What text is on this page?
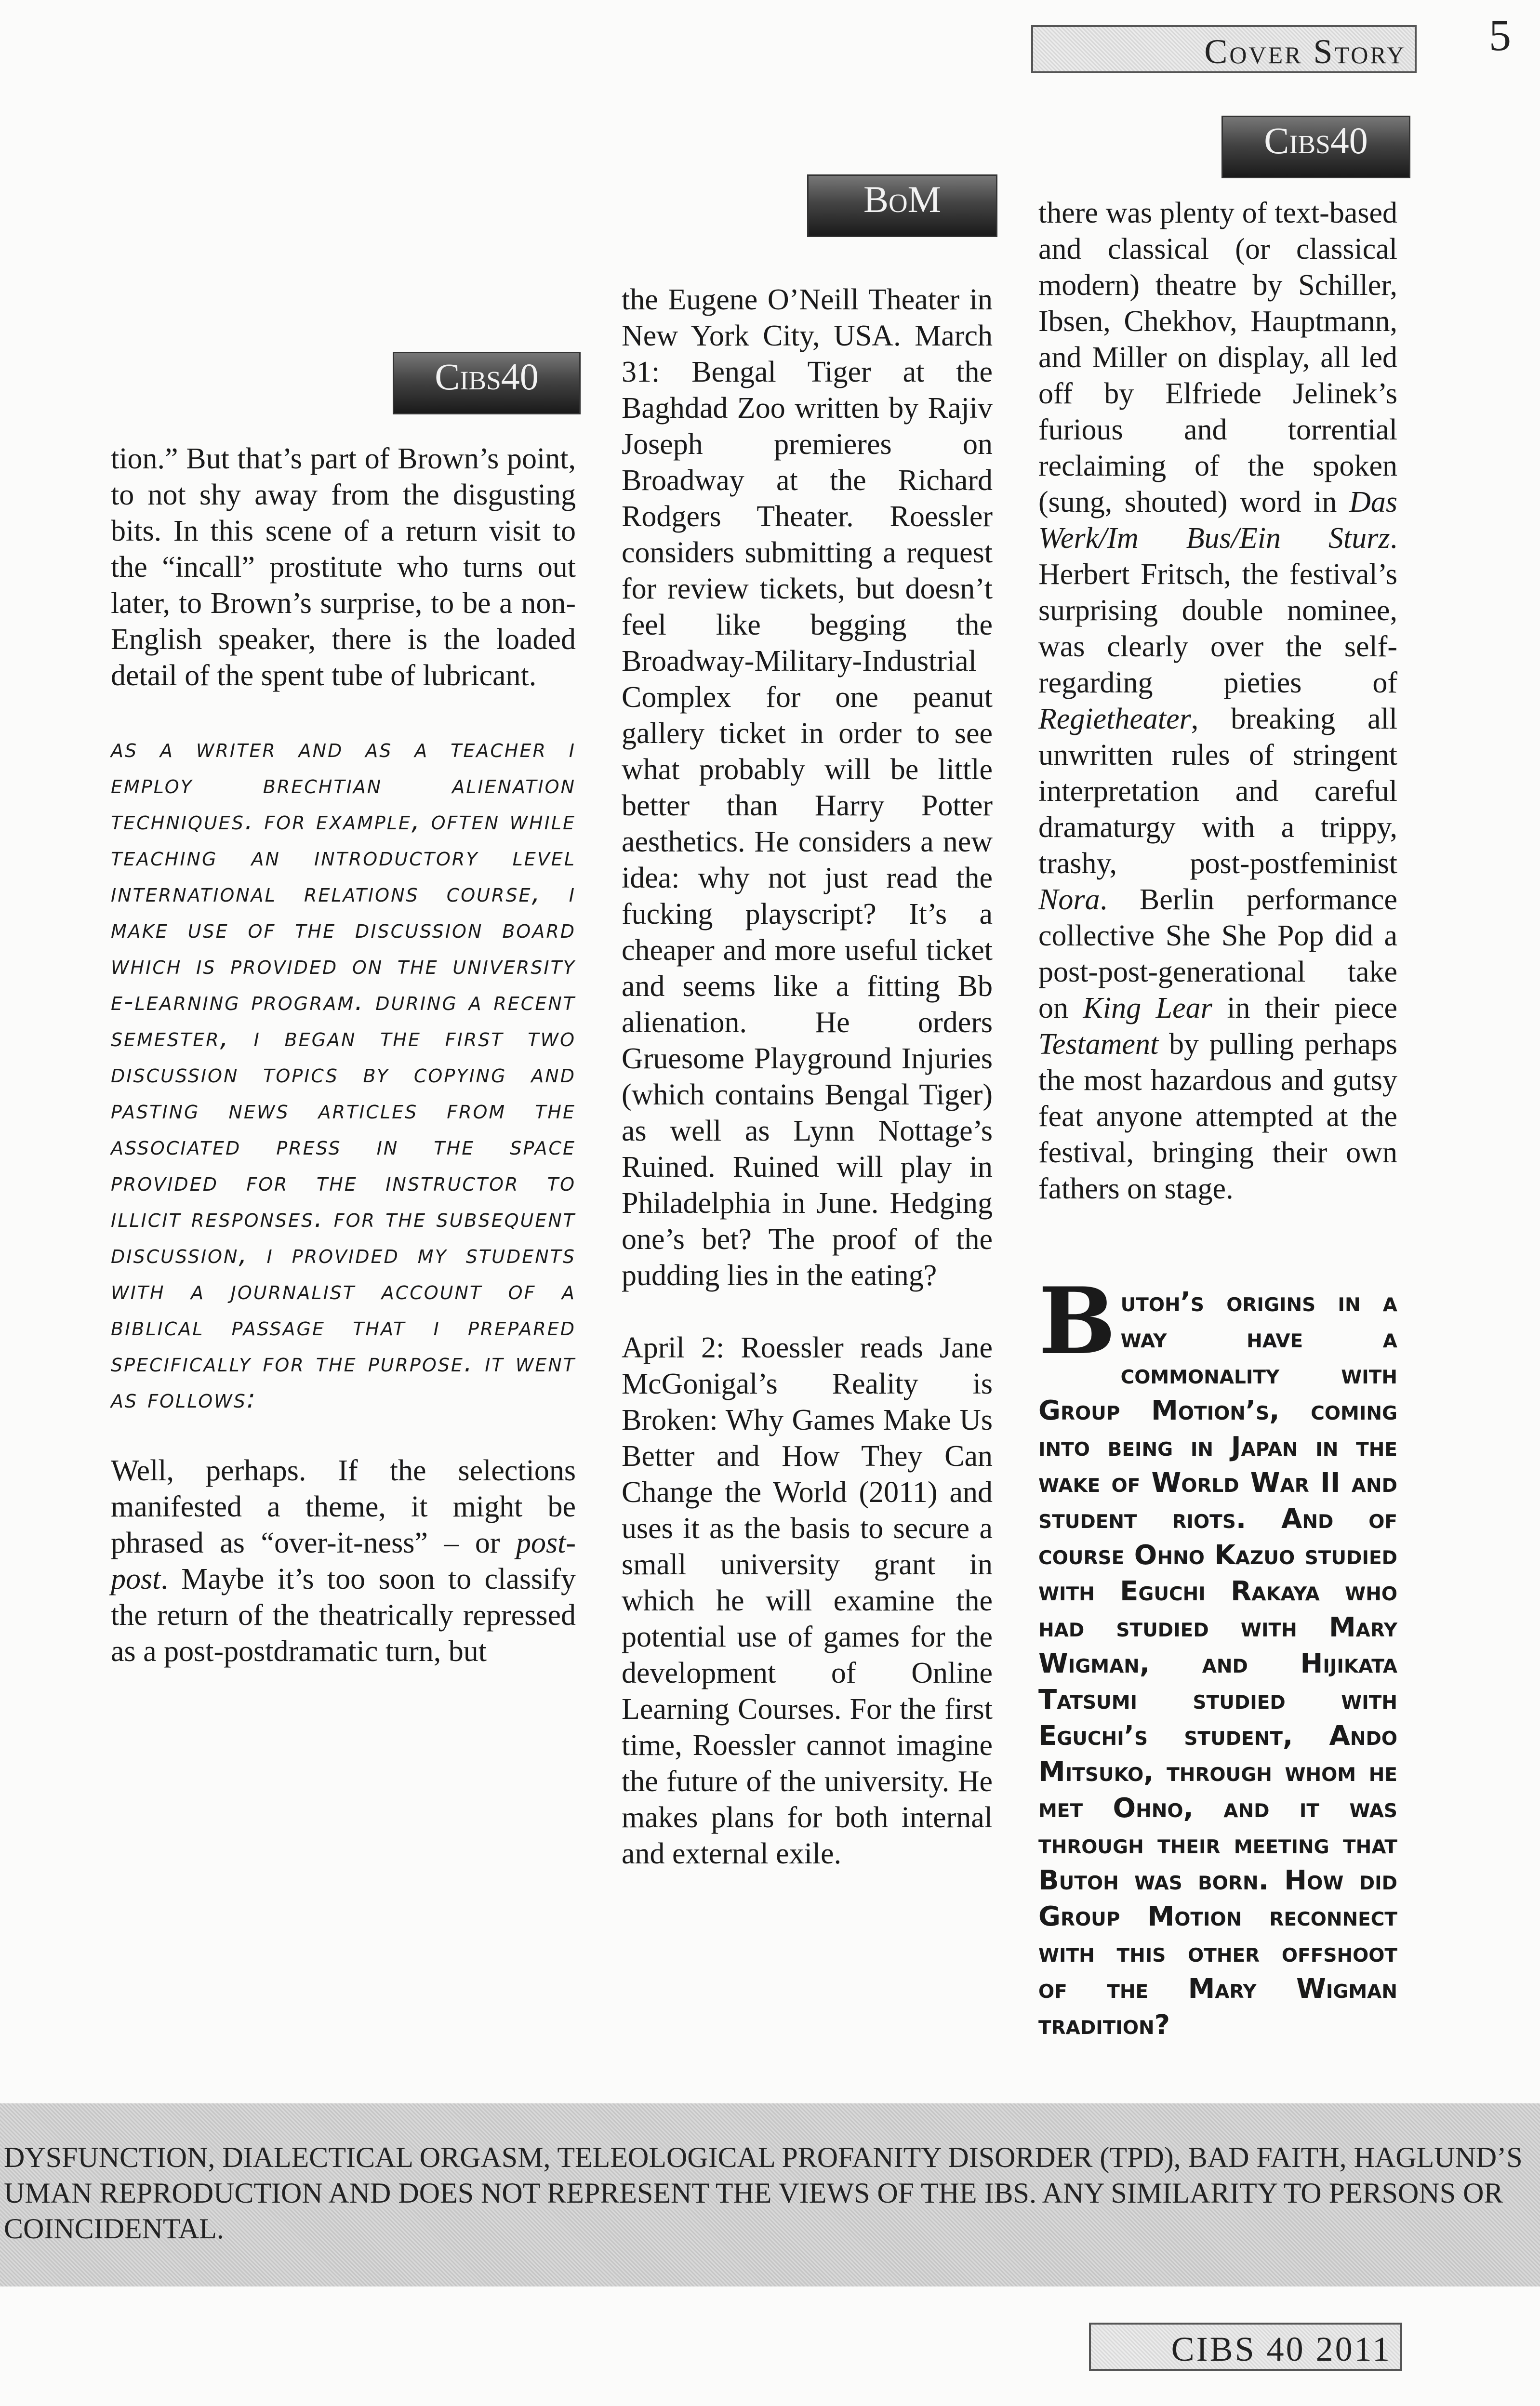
Cover Story 5
Cibs40
BoM
Cibs40

tion.” But that’s part of Brown’s point, to not shy away from the disgusting bits. In this scene of a return visit to the “incall” prostitute who turns out later, to Brown’s surprise, to be a non-English speaker, there is the loaded detail of the spent tube of lubricant.

as a writer and as a teacher i employ brechtian alienation techniques. for example, often while teaching an introductory level international relations course, i make use of the discussion board which is provided on the university e-learning program. during a recent semester, i began the first two discussion topics by copying and pasting news articles from the associated press in the space provided for the instructor to illicit responses. for the subsequent discussion, i provided my students with a journalist account of a biblical passage that i prepared specifically for the purpose. it went as follows:

Well, perhaps. If the selections manifested a theme, it might be phrased as “over-it-ness” – or post-post. Maybe it’s too soon to classify the return of the theatrically repressed as a post-postdramatic turn, but

the Eugene O’Neill Theater in New York City, USA. March 31: Bengal Tiger at the Baghdad Zoo written by Rajiv Joseph premieres on Broadway at the Richard Rodgers Theater. Roessler considers submitting a request for review tickets, but doesn’t feel like begging the Broadway-Military-Industrial Complex for one peanut gallery ticket in order to see what probably will be little better than Harry Potter aesthetics. He considers a new idea: why not just read the fucking playscript? It’s a cheaper and more useful ticket and seems like a fitting Bb alienation. He orders Gruesome Playground Injuries (which contains Bengal Tiger) as well as Lynn Nottage’s Ruined. Ruined will play in Philadelphia in June. Hedging one’s bet? The proof of the pudding lies in the eating?

April 2: Roessler reads Jane McGonigal’s Reality is Broken: Why Games Make Us Better and How They Can Change the World (2011) and uses it as the basis to secure a small university grant in which he will examine the potential use of games for the development of Online Learning Courses. For the first time, Roessler cannot imagine the future of the university. He makes plans for both internal and external exile.

there was plenty of text-based and classical (or classical modern) theatre by Schiller, Ibsen, Chekhov, Hauptmann, and Miller on display, all led off by Elfriede Jelinek’s furious and torrential reclaiming of the spoken (sung, shouted) word in Das Werk/Im Bus/Ein Sturz. Herbert Fritsch, the festival’s surprising double nominee, was clearly over the self-regarding pieties of Regietheater, breaking all unwritten rules of stringent interpretation and careful dramaturgy with a trippy, trashy, post-postfeminist Nora. Berlin performance collective She She Pop did a post-post-generational take on King Lear in their piece Testament by pulling perhaps the most hazardous and gutsy feat anyone attempted at the festival, bringing their own fathers on stage.

Butoh’s origins in a way have a commonality with Group Motion’s, coming into being in Japan in the wake of World War II and student riots. And of course Ohno Kazuo studied with Eguchi Rakaya who had studied with Mary Wigman, and Hijikata Tatsumi studied with Eguchi’s student, Ando Mitsuko, through whom he met Ohno, and it was through their meeting that Butoh was born. How did Group Motion reconnect with this other offshoot of the Mary Wigman tradition?
DYSFUNCTION, DIALECTICAL ORGASM, TELEOLOGICAL PROFANITY DISORDER (TPD), BAD FAITH, HAGLUND’S
UMAN REPRODUCTION AND DOES NOT REPRESENT THE VIEWS OF THE IBS. ANY SIMILARITY TO PERSONS OR
COINCIDENTAL.
CIBS 40 2011
